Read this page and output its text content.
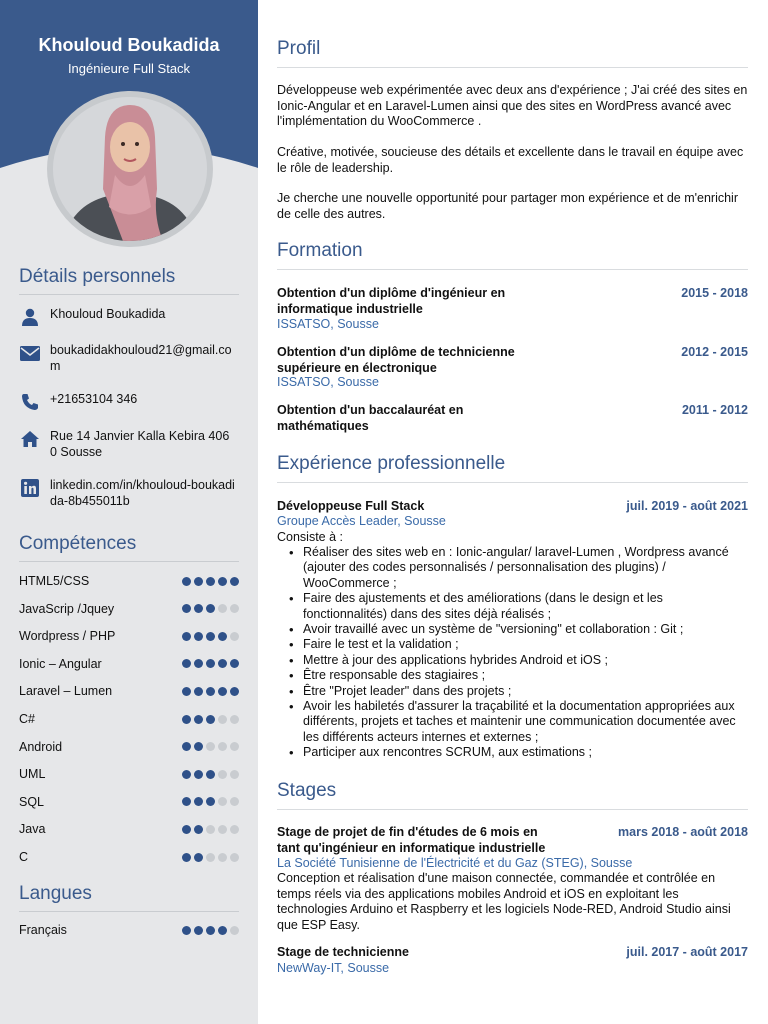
Khouloud Boukadida
Ingénieure Full Stack
Détails personnels
Khouloud Boukadida
boukadidakhouloud21@gmail.com
+21653104 346
Rue 14 Janvier Kalla Kebira 4060 Sousse
linkedin.com/in/khouloud-boukadida-8b455011b
Compétences
HTML5/CSS
JavaScrip /Jquey
Wordpress / PHP
Ionic – Angular
Laravel – Lumen
C#
Android
UML
SQL
Java
C
Langues
Français
Profil
Développeuse web expérimentée avec deux ans d'expérience ; J'ai créé des sites en Ionic-Angular et en Laravel-Lumen ainsi que des sites en WordPress avancé avec l'implémentation du WooCommerce .
Créative, motivée, soucieuse des détails et excellente dans le travail en équipe avec le rôle de leadership.
Je cherche une nouvelle opportunité pour partager mon expérience et de m'enrichir de celle des autres.
Formation
Obtention d'un diplôme d'ingénieur en informatique industrielle
2015 - 2018
ISSATSO, Sousse
Obtention d'un diplôme de technicienne supérieure en électronique
2012 - 2015
ISSATSO, Sousse
Obtention d'un baccalauréat en mathématiques
2011 - 2012
Expérience professionnelle
Développeuse Full Stack	juil. 2019 - août 2021
Groupe Accès Leader, Sousse
Consiste à :
• Réaliser des sites web en : Ionic-angular/ laravel-Lumen , Wordpress avancé (ajouter des codes personnalisés / personnalisation des plugins) / WooCommerce ;
• Faire des ajustements et des améliorations (dans le design et les fonctionnalités) dans des sites déjà réalisés ;
• Avoir travaillé avec un système de "versioning" et collaboration : Git ;
• Faire le test et la validation ;
• Mettre à jour des applications hybrides Android et iOS ;
• Être responsable des stagiaires ;
• Être "Projet leader" dans des projets ;
• Avoir les habiletés d'assurer la traçabilité et la documentation appropriées aux différents, projets et taches et maintenir une communication documentée avec les différents acteurs internes et externes ;
• Participer aux rencontres SCRUM, aux estimations ;
Stages
Stage de projet de fin d'études de 6 mois en tant qu'ingénieur en informatique industrielle
mars 2018 - août 2018
La Société Tunisienne de l'Électricité et du Gaz (STEG), Sousse
Conception et réalisation d'une maison connectée, commandée et contrôlée en temps réels via des applications mobiles Android et iOS en exploitant les technologies Arduino et Raspberry et les logiciels Node-RED, Android Studio ainsi que ESP Easy.
Stage de technicienne	juil. 2017 - août 2017
NewWay-IT, Sousse
